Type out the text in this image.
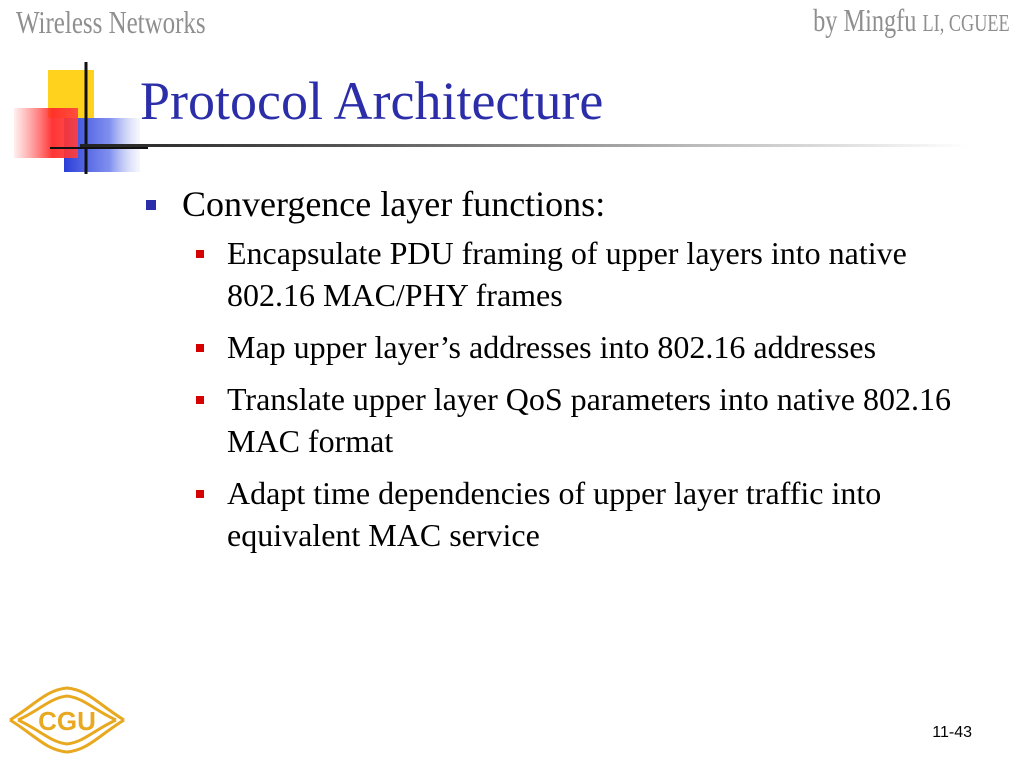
Wireless Networks	by Mingfu LI, CGUEE
Protocol Architecture
Convergence layer functions:
Encapsulate PDU framing of upper layers into native 802.16 MAC/PHY frames
Map upper layer’s addresses into 802.16 addresses
Translate upper layer QoS parameters into native 802.16 MAC format
Adapt time dependencies of upper layer traffic into equivalent MAC service
CGU	11-43
